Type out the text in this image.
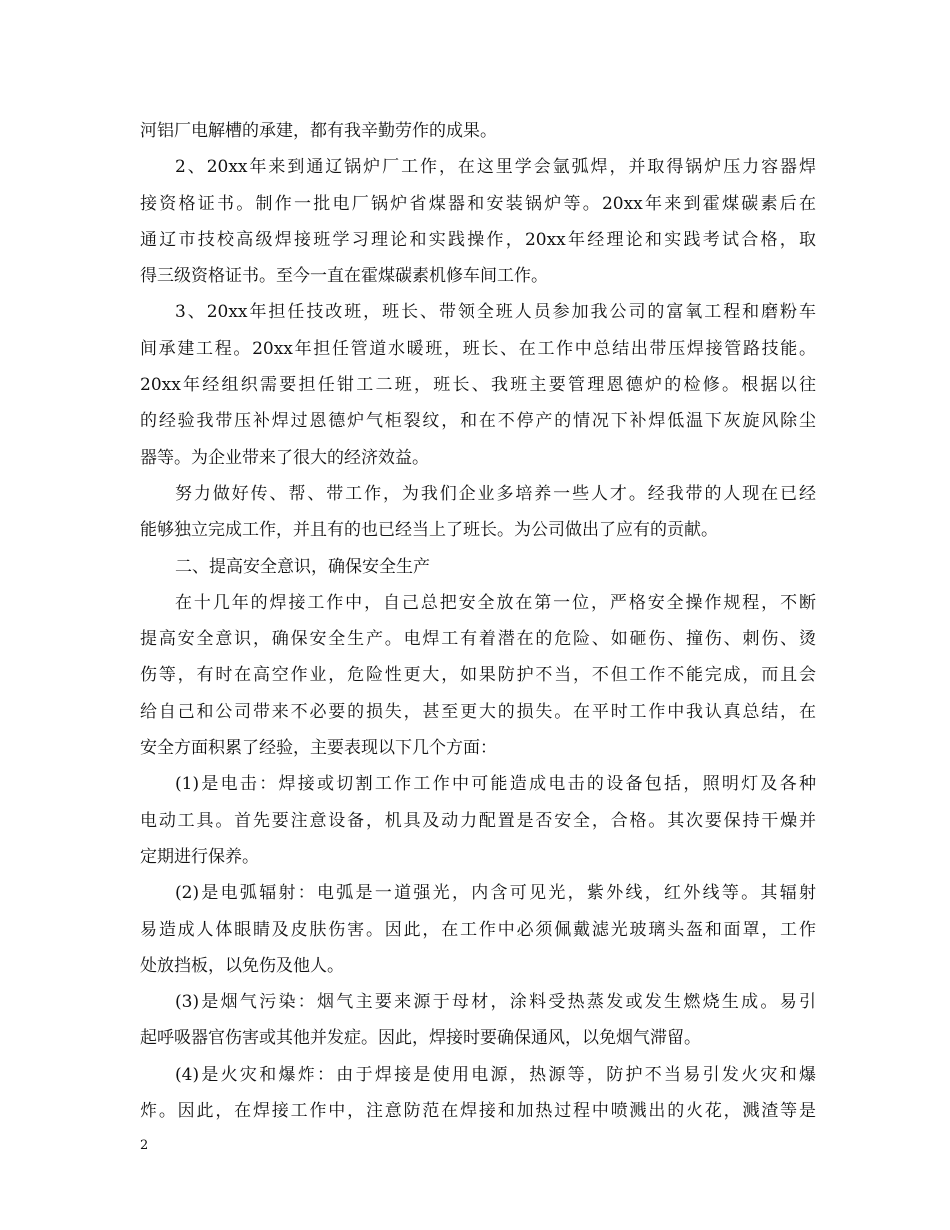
河铝厂电解槽的承建，都有我辛勤劳作的成果。
2、20xx年来到通辽锅炉厂工作，在这里学会氩弧焊，并取得锅炉压力容器焊
接资格证书。制作一批电厂锅炉省煤器和安装锅炉等。20xx年来到霍煤碳素后在
通辽市技校高级焊接班学习理论和实践操作，20xx年经理论和实践考试合格，取
得三级资格证书。至今一直在霍煤碳素机修车间工作。
3、20xx年担任技改班，班长、带领全班人员参加我公司的富氧工程和磨粉车
间承建工程。20xx年担任管道水暖班，班长、在工作中总结出带压焊接管路技能。
20xx年经组织需要担任钳工二班，班长、我班主要管理恩德炉的检修。根据以往
的经验我带压补焊过恩德炉气柜裂纹，和在不停产的情况下补焊低温下灰旋风除尘
器等。为企业带来了很大的经济效益。
努力做好传、帮、带工作，为我们企业多培养一些人才。经我带的人现在已经
能够独立完成工作，并且有的也已经当上了班长。为公司做出了应有的贡献。
二、提高安全意识，确保安全生产
在十几年的焊接工作中，自己总把安全放在第一位，严格安全操作规程，不断
提高安全意识，确保安全生产。电焊工有着潜在的危险、如砸伤、撞伤、刺伤、烫
伤等，有时在高空作业，危险性更大，如果防护不当，不但工作不能完成，而且会
给自己和公司带来不必要的损失，甚至更大的损失。在平时工作中我认真总结，在
安全方面积累了经验，主要表现以下几个方面：
(1)是电击：焊接或切割工作工作中可能造成电击的设备包括，照明灯及各种
电动工具。首先要注意设备，机具及动力配置是否安全，合格。其次要保持干燥并
定期进行保养。
(2)是电弧辐射：电弧是一道强光，内含可见光，紫外线，红外线等。其辐射
易造成人体眼睛及皮肤伤害。因此，在工作中必须佩戴滤光玻璃头盔和面罩，工作
处放挡板，以免伤及他人。
(3)是烟气污染：烟气主要来源于母材，涂料受热蒸发或发生燃烧生成。易引
起呼吸器官伤害或其他并发症。因此，焊接时要确保通风，以免烟气滞留。
(4)是火灾和爆炸：由于焊接是使用电源，热源等，防护不当易引发火灾和爆
炸。因此，在焊接工作中，注意防范在焊接和加热过程中喷溅出的火花，溅渣等是
2
